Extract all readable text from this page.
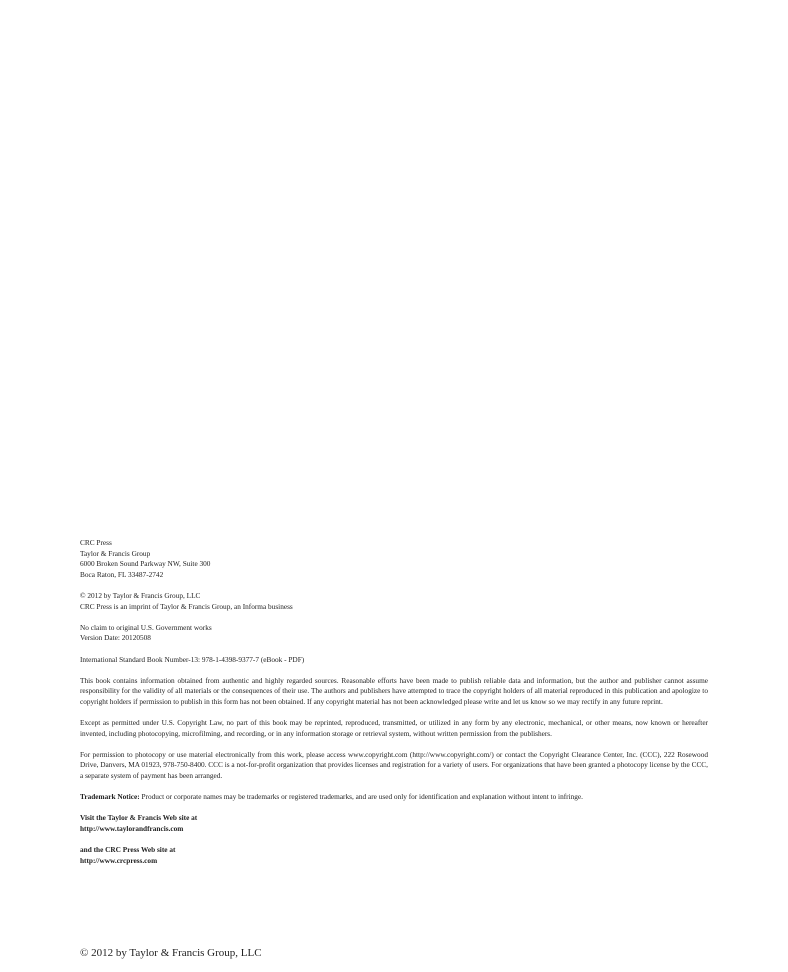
CRC Press
Taylor & Francis Group
6000 Broken Sound Parkway NW, Suite 300
Boca Raton, FL 33487-2742
© 2012 by Taylor & Francis Group, LLC
CRC Press is an imprint of Taylor & Francis Group, an Informa business
No claim to original U.S. Government works
Version Date: 20120508
International Standard Book Number-13: 978-1-4398-9377-7 (eBook - PDF)

This book contains information obtained from authentic and highly regarded sources. Reasonable efforts have been made to publish reliable data and information, but the author and publisher cannot assume responsibility for the validity of all materials or the consequences of their use. The authors and publishers have attempted to trace the copyright holders of all material reproduced in this publication and apologize to copyright holders if permission to publish in this form has not been obtained. If any copyright material has not been acknowledged please write and let us know so we may rectify in any future reprint.

Except as permitted under U.S. Copyright Law, no part of this book may be reprinted, reproduced, transmitted, or utilized in any form by any electronic, mechanical, or other means, now known or hereafter invented, including photocopying, microfilming, and recording, or in any information storage or retrieval system, without written permission from the publishers.

For permission to photocopy or use material electronically from this work, please access www.copyright.com (http://www.copyright.com/) or contact the Copyright Clearance Center, Inc. (CCC), 222 Rosewood Drive, Danvers, MA 01923, 978-750-8400. CCC is a not-for-profit organization that provides licenses and registration for a variety of users. For organizations that have been granted a photocopy license by the CCC, a separate system of payment has been arranged.

Trademark Notice: Product or corporate names may be trademarks or registered trademarks, and are used only for identification and explanation without intent to infringe.

Visit the Taylor & Francis Web site at
http://www.taylorandfrancis.com
and the CRC Press Web site at
http://www.crcpress.com
© 2012 by Taylor & Francis Group, LLC
